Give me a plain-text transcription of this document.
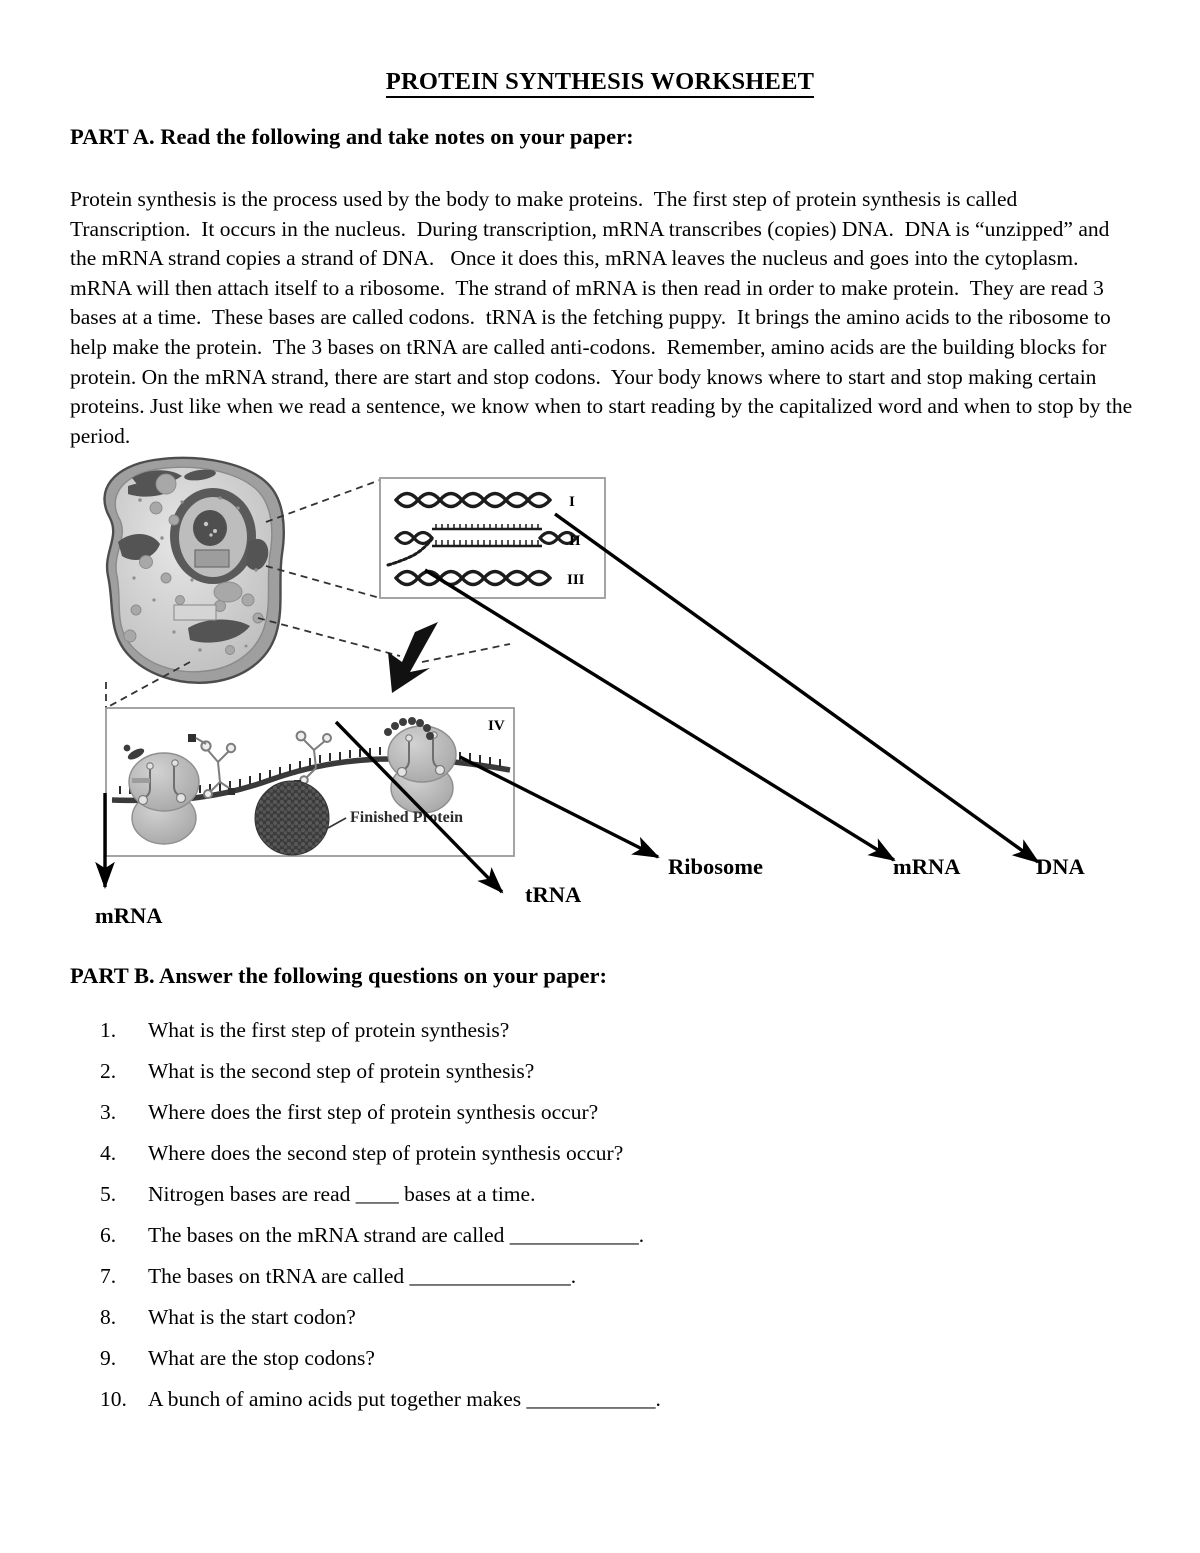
PROTEIN SYNTHESIS WORKSHEET
PART A. Read the following and take notes on your paper:
Protein synthesis is the process used by the body to make proteins.  The first step of protein synthesis is called Transcription.  It occurs in the nucleus.  During transcription, mRNA transcribes (copies) DNA.  DNA is “unzipped” and the mRNA strand copies a strand of DNA.   Once it does this, mRNA leaves the nucleus and goes into the cytoplasm.  mRNA will then attach itself to a ribosome.  The strand of mRNA is then read in order to make protein.  They are read 3 bases at a time.  These bases are called codons.  tRNA is the fetching puppy.  It brings the amino acids to the ribosome to help make the protein.  The 3 bases on tRNA are called anti-codons.  Remember, amino acids are the building blocks for protein. On the mRNA strand, there are start and stop codons.  Your body knows where to start and stop making certain proteins. Just like when we read a sentence, we know when to start reading by the capitalized word and when to stop by the period.
I
II
III
IV
Finished Protein
mRNA
tRNA
Ribosome	mRNA	DNA
PART B. Answer the following questions on your paper:
1.	What is the first step of protein synthesis?
2.	What is the second step of protein synthesis?
3.	Where does the first step of protein synthesis occur?
4.	Where does the second step of protein synthesis occur?
5.	Nitrogen bases are read ____ bases at a time.
6.	The bases on the mRNA strand are called ____________.
7.	The bases on tRNA are called _______________.
8.	What is the start codon?
9.	What are the stop codons?
10. A bunch of amino acids put together makes ____________.
